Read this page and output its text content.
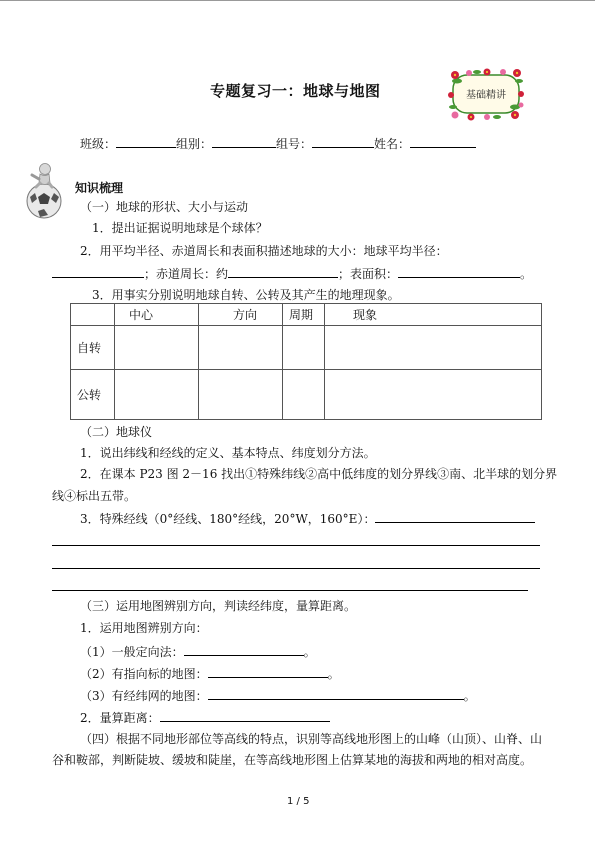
专题复习一：地球与地图	基础精讲
班级：	组别：	组号：	姓名：
知识梳理
（一）地球的形状、大小与运动
1．提出证据说明地球是个球体？
2．用平均半径、赤道周长和表面积描述地球的大小：地球平均半径：
；赤道周长：约	；表面积：	。
3．用事实分别说明地球自转、公转及其产生的地理现象。
	中心	方向	周期	现象
自转				
公转				
（二）地球仪
1．说出纬线和经线的定义、基本特点、纬度划分方法。
2．在课本 P23 图 2－16 找出①特殊纬线②高中低纬度的划分界线③南、北半球的划分界
线④标出五带。
3．特殊经线（0°经线、180°经线，20°W，160°E）：
（三）运用地图辨别方向，判读经纬度，量算距离。
1．运用地图辨别方向：
（1）一般定向法：	。
（2）有指向标的地图：	。
（3）有经纬网的地图：	。
2．量算距离：
（四）根据不同地形部位等高线的特点，识别等高线地形图上的山峰（山顶）、山脊、山
谷和鞍部，判断陡坡、缓坡和陡崖，在等高线地形图上估算某地的海拔和两地的相对高度。
1 / 5
